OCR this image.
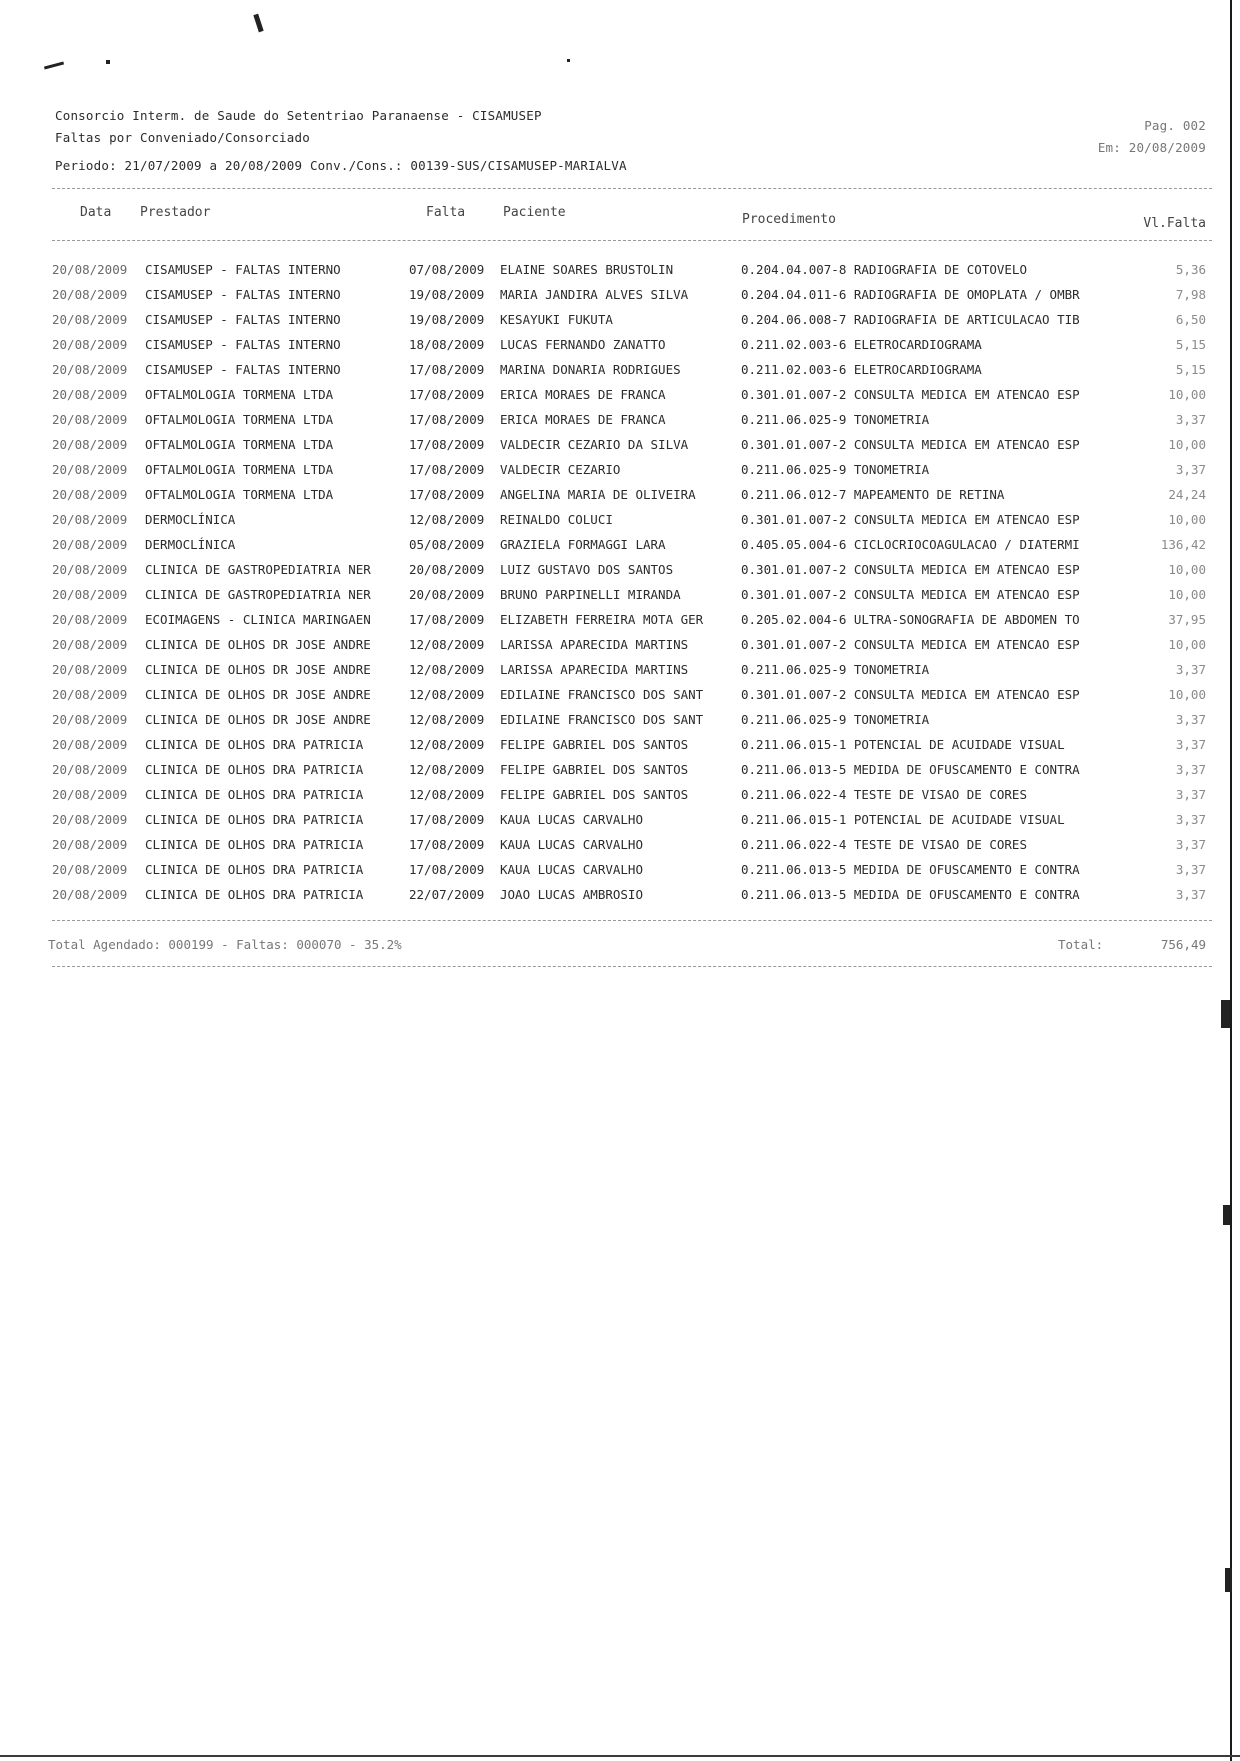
Consorcio Interm. de Saude do Setentriao Paranaense - CISAMUSEP
Faltas por Conveniado/Consorciado
Periodo: 21/07/2009 a 20/08/2009 Conv./Cons.: 00139-SUS/CISAMUSEP-MARIALVA
Pag. 002
Em: 20/08/2009
Data Prestador	Falta	Paciente	Procedimento	Vl.Falta
20/08/2009 CISAMUSEP - FALTAS INTERNO	07/08/2009 ELAINE SOARES BRUSTOLIN	0.204.04.007-8 RADIOGRAFIA DE COTOVELO	5,36
20/08/2009 CISAMUSEP - FALTAS INTERNO	19/08/2009 MARIA JANDIRA ALVES SILVA	0.204.04.011-6 RADIOGRAFIA DE OMOPLATA / OMBR	7,98
20/08/2009 CISAMUSEP - FALTAS INTERNO	19/08/2009 KESAYUKI FUKUTA	0.204.06.008-7 RADIOGRAFIA DE ARTICULACAO TIB	6,50
20/08/2009 CISAMUSEP - FALTAS INTERNO	18/08/2009 LUCAS FERNANDO ZANATTO	0.211.02.003-6 ELETROCARDIOGRAMA	5,15
20/08/2009 CISAMUSEP - FALTAS INTERNO	17/08/2009 MARINA DONARIA RODRIGUES	0.211.02.003-6 ELETROCARDIOGRAMA	5,15
20/08/2009 OFTALMOLOGIA TORMENA LTDA	17/08/2009 ERICA MORAES DE FRANCA	0.301.01.007-2 CONSULTA MEDICA EM ATENCAO ESP	10,00
20/08/2009 OFTALMOLOGIA TORMENA LTDA	17/08/2009 ERICA MORAES DE FRANCA	0.211.06.025-9 TONOMETRIA	3,37
20/08/2009 OFTALMOLOGIA TORMENA LTDA	17/08/2009 VALDECIR CEZARIO DA SILVA	0.301.01.007-2 CONSULTA MEDICA EM ATENCAO ESP	10,00
20/08/2009 OFTALMOLOGIA TORMENA LTDA	17/08/2009 VALDECIR CEZARIO	0.211.06.025-9 TONOMETRIA	3,37
20/08/2009 OFTALMOLOGIA TORMENA LTDA	17/08/2009 ANGELINA MARIA DE OLIVEIRA	0.211.06.012-7 MAPEAMENTO DE RETINA	24,24
20/08/2009 DERMOCLÍNICA	12/08/2009 REINALDO COLUCI	0.301.01.007-2 CONSULTA MEDICA EM ATENCAO ESP	10,00
20/08/2009 DERMOCLÍNICA	05/08/2009 GRAZIELA FORMAGGI LARA	0.405.05.004-6 CICLOCRIOCOAGULACAO / DIATERMI	136,42
20/08/2009 CLINICA DE GASTROPEDIATRIA NER	20/08/2009 LUIZ GUSTAVO DOS SANTOS	0.301.01.007-2 CONSULTA MEDICA EM ATENCAO ESP	10,00
20/08/2009 CLINICA DE GASTROPEDIATRIA NER	20/08/2009 BRUNO PARPINELLI MIRANDA	0.301.01.007-2 CONSULTA MEDICA EM ATENCAO ESP	10,00
20/08/2009 ECOIMAGENS - CLINICA MARINGAEN	17/08/2009 ELIZABETH FERREIRA MOTA GER	0.205.02.004-6 ULTRA-SONOGRAFIA DE ABDOMEN TO	37,95
20/08/2009 CLINICA DE OLHOS DR JOSE ANDRE	12/08/2009 LARISSA APARECIDA MARTINS	0.301.01.007-2 CONSULTA MEDICA EM ATENCAO ESP	10,00
20/08/2009 CLINICA DE OLHOS DR JOSE ANDRE	12/08/2009 LARISSA APARECIDA MARTINS	0.211.06.025-9 TONOMETRIA	3,37
20/08/2009 CLINICA DE OLHOS DR JOSE ANDRE	12/08/2009 EDILAINE FRANCISCO DOS SANT	0.301.01.007-2 CONSULTA MEDICA EM ATENCAO ESP	10,00
20/08/2009 CLINICA DE OLHOS DR JOSE ANDRE	12/08/2009 EDILAINE FRANCISCO DOS SANT	0.211.06.025-9 TONOMETRIA	3,37
20/08/2009 CLINICA DE OLHOS DRA PATRICIA	12/08/2009 FELIPE GABRIEL DOS SANTOS	0.211.06.015-1 POTENCIAL DE ACUIDADE VISUAL	3,37
20/08/2009 CLINICA DE OLHOS DRA PATRICIA	12/08/2009 FELIPE GABRIEL DOS SANTOS	0.211.06.013-5 MEDIDA DE OFUSCAMENTO E CONTRA	3,37
20/08/2009 CLINICA DE OLHOS DRA PATRICIA	12/08/2009 FELIPE GABRIEL DOS SANTOS	0.211.06.022-4 TESTE DE VISAO DE CORES	3,37
20/08/2009 CLINICA DE OLHOS DRA PATRICIA	17/08/2009 KAUA LUCAS CARVALHO	0.211.06.015-1 POTENCIAL DE ACUIDADE VISUAL	3,37
20/08/2009 CLINICA DE OLHOS DRA PATRICIA	17/08/2009 KAUA LUCAS CARVALHO	0.211.06.022-4 TESTE DE VISAO DE CORES	3,37
20/08/2009 CLINICA DE OLHOS DRA PATRICIA	17/08/2009 KAUA LUCAS CARVALHO	0.211.06.013-5 MEDIDA DE OFUSCAMENTO E CONTRA	3,37
20/08/2009 CLINICA DE OLHOS DRA PATRICIA	22/07/2009 JOAO LUCAS AMBROSIO	0.211.06.013-5 MEDIDA DE OFUSCAMENTO E CONTRA	3,37
Total Agendado: 000199 - Faltas: 000070 - 35.2%	Total:	756,49
